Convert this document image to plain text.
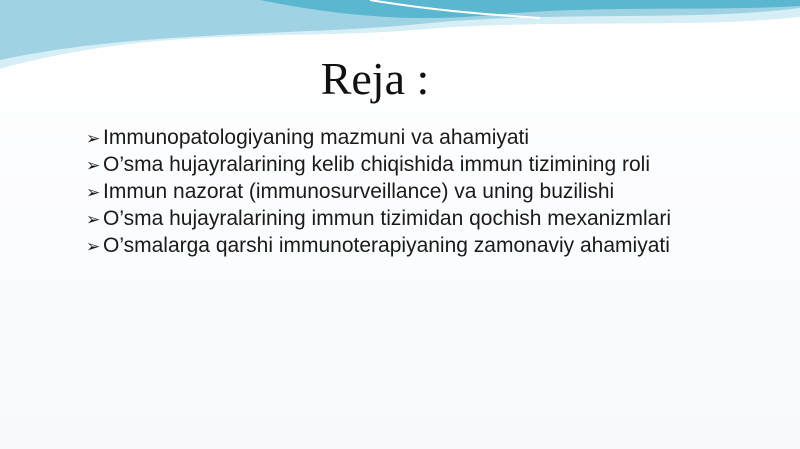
Reja :
➢ Immunopatologiyaning mazmuni va ahamiyati
➢ O’sma hujayralarining kelib chiqishida immun tizimining roli
➢ Immun nazorat (immunosurveillance) va uning buzilishi
➢ O’sma hujayralarining immun tizimidan qochish mexanizmlari
➢ O’smalarga qarshi immunoterapiyaning zamonaviy ahamiyati
